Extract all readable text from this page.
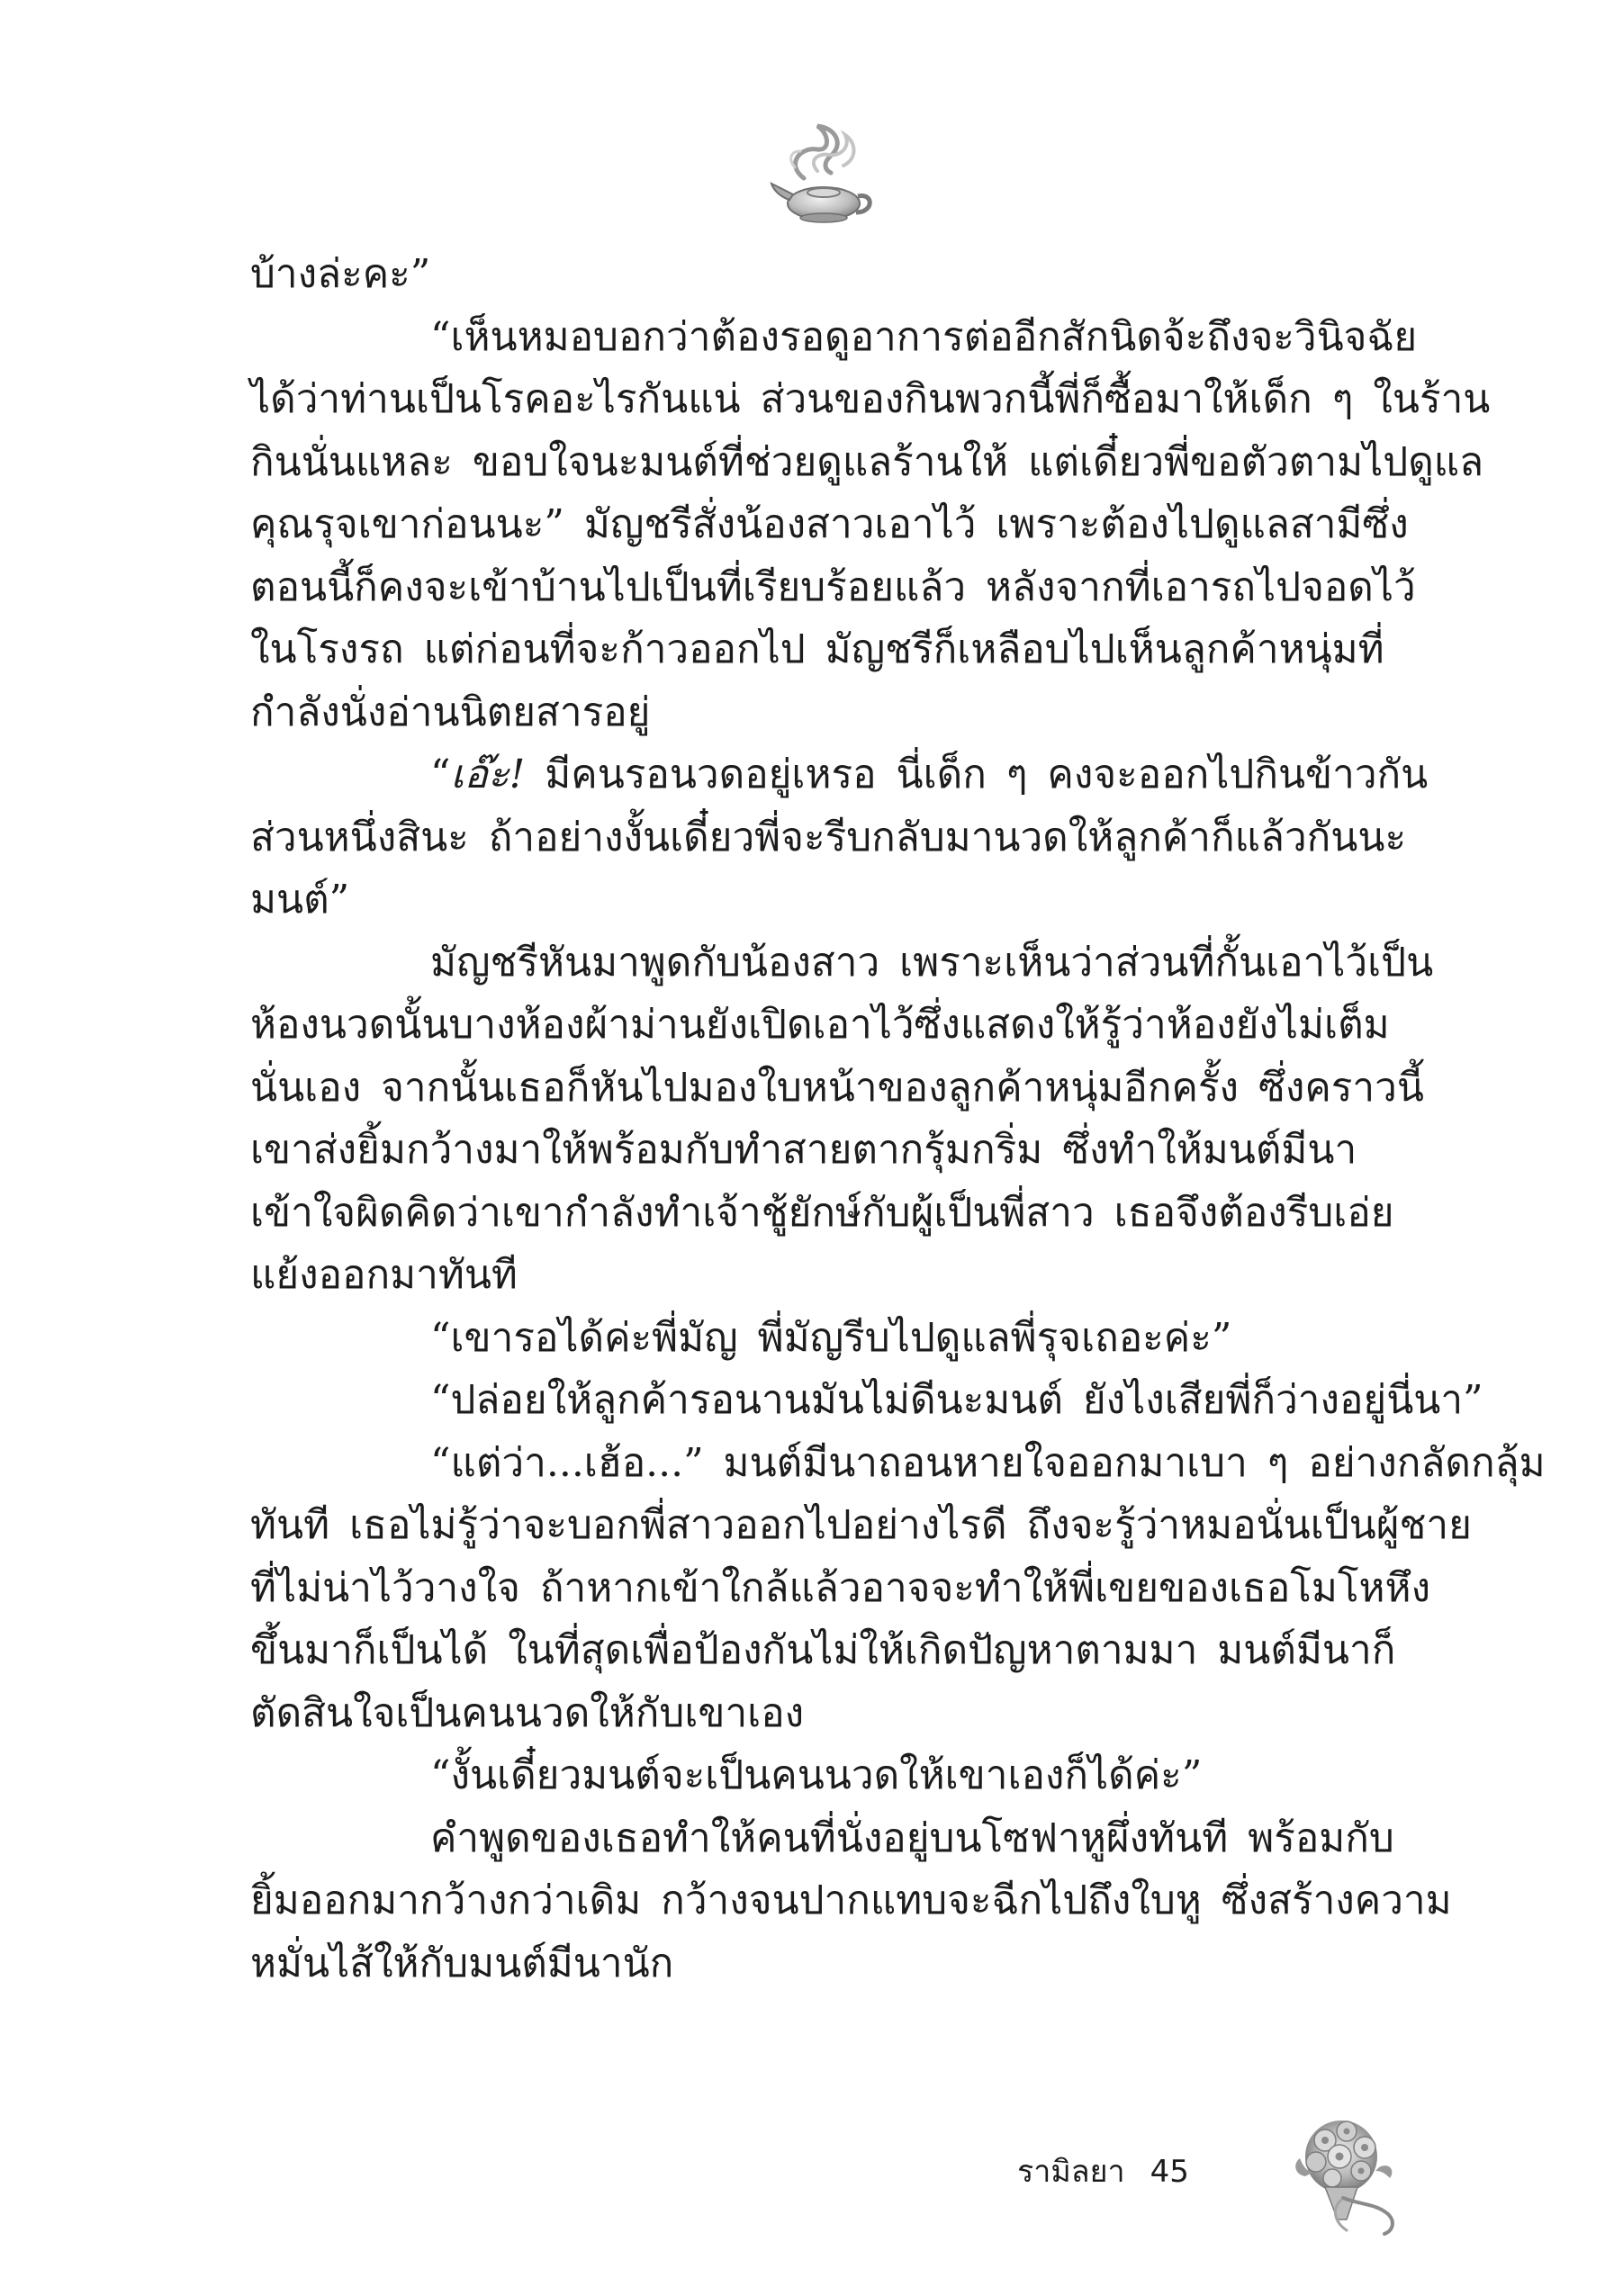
บ้างล่ะคะ”
“เห็นหมอบอกว่าต้องรอดูอาการต่ออีกสักนิดจ้ะถึงจะวินิจฉัย
ได้ว่าท่านเป็นโรคอะไรกันแน่ ส่วนของกินพวกนี้พี่ก็ซื้อมาให้เด็ก ๆ ในร้าน
กินนั่นแหละ ขอบใจนะมนต์ที่ช่วยดูแลร้านให้ แต่เดี๋ยวพี่ขอตัวตามไปดูแล
คุณรุจเขาก่อนนะ” มัญชรีสั่งน้องสาวเอาไว้ เพราะต้องไปดูแลสามีซึ่ง
ตอนนี้ก็คงจะเข้าบ้านไปเป็นที่เรียบร้อยแล้ว หลังจากที่เอารถไปจอดไว้
ในโรงรถ แต่ก่อนที่จะก้าวออกไป มัญชรีก็เหลือบไปเห็นลูกค้าหนุ่มที่
กำลังนั่งอ่านนิตยสารอยู่
“เอ๊ะ! มีคนรอนวดอยู่เหรอ นี่เด็ก ๆ คงจะออกไปกินข้าวกัน
ส่วนหนึ่งสินะ ถ้าอย่างงั้นเดี๋ยวพี่จะรีบกลับมานวดให้ลูกค้าก็แล้วกันนะ
มนต์”
มัญชรีหันมาพูดกับน้องสาว เพราะเห็นว่าส่วนที่กั้นเอาไว้เป็น
ห้องนวดนั้นบางห้องผ้าม่านยังเปิดเอาไว้ซึ่งแสดงให้รู้ว่าห้องยังไม่เต็ม
นั่นเอง จากนั้นเธอก็หันไปมองใบหน้าของลูกค้าหนุ่มอีกครั้ง ซึ่งคราวนี้
เขาส่งยิ้มกว้างมาให้พร้อมกับทำสายตากรุ้มกริ่ม ซึ่งทำให้มนต์มีนา
เข้าใจผิดคิดว่าเขากำลังทำเจ้าชู้ยักษ์กับผู้เป็นพี่สาว เธอจึงต้องรีบเอ่ย
แย้งออกมาทันที
“เขารอได้ค่ะพี่มัญ พี่มัญรีบไปดูแลพี่รุจเถอะค่ะ”
“ปล่อยให้ลูกค้ารอนานมันไม่ดีนะมนต์ ยังไงเสียพี่ก็ว่างอยู่นี่นา”
“แต่ว่า...เฮ้อ...” มนต์มีนาถอนหายใจออกมาเบา ๆ อย่างกลัดกลุ้ม
ทันที เธอไม่รู้ว่าจะบอกพี่สาวออกไปอย่างไรดี ถึงจะรู้ว่าหมอนั่นเป็นผู้ชาย
ที่ไม่น่าไว้วางใจ ถ้าหากเข้าใกล้แล้วอาจจะทำให้พี่เขยของเธอโมโหหึง
ขึ้นมาก็เป็นได้ ในที่สุดเพื่อป้องกันไม่ให้เกิดปัญหาตามมา มนต์มีนาก็
ตัดสินใจเป็นคนนวดให้กับเขาเอง
“งั้นเดี๋ยวมนต์จะเป็นคนนวดให้เขาเองก็ได้ค่ะ”
คำพูดของเธอทำให้คนที่นั่งอยู่บนโซฟาหูผึ่งทันที พร้อมกับ
ยิ้มออกมากว้างกว่าเดิม กว้างจนปากแทบจะฉีกไปถึงใบหู ซึ่งสร้างความ
หมั่นไส้ให้กับมนต์มีนานัก
รามิลยา 45
